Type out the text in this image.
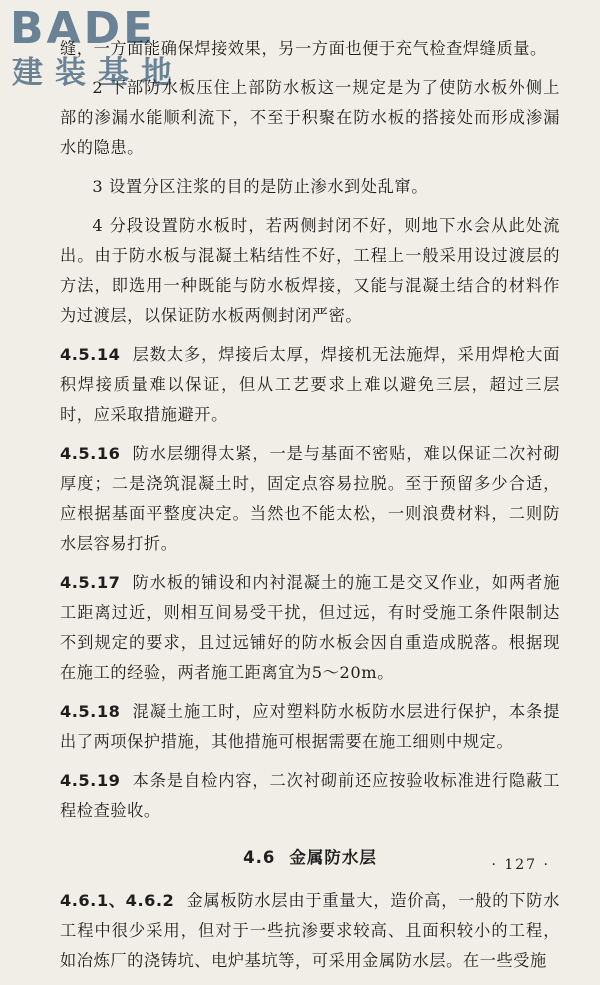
BADE
建装基地

缝，一方面能确保焊接效果，另一方面也便于充气检查焊缝质量。

2 下部防水板压住上部防水板这一规定是为了使防水板外侧上部的渗漏水能顺利流下，不至于积聚在防水板的搭接处而形成渗漏水的隐患。

3 设置分区注浆的目的是防止渗水到处乱窜。

4 分段设置防水板时，若两侧封闭不好，则地下水会从此处流出。由于防水板与混凝土粘结性不好，工程上一般采用设过渡层的方法，即选用一种既能与防水板焊接，又能与混凝土结合的材料作为过渡层，以保证防水板两侧封闭严密。

4.5.14 层数太多，焊接后太厚，焊接机无法施焊，采用焊枪大面积焊接质量难以保证，但从工艺要求上难以避免三层，超过三层时，应采取措施避开。

4.5.16 防水层绷得太紧，一是与基面不密贴，难以保证二次衬砌厚度；二是浇筑混凝土时，固定点容易拉脱。至于预留多少合适，应根据基面平整度决定。当然也不能太松，一则浪费材料，二则防水层容易打折。

4.5.17 防水板的铺设和内衬混凝土的施工是交叉作业，如两者施工距离过近，则相互间易受干扰，但过远，有时受施工条件限制达不到规定的要求，且过远铺好的防水板会因自重造成脱落。根据现在施工的经验，两者施工距离宜为5～20m。

4.5.18 混凝土施工时，应对塑料防水板防水层进行保护，本条提出了两项保护措施，其他措施可根据需要在施工细则中规定。

4.5.19 本条是自检内容，二次衬砌前还应按验收标准进行隐蔽工程检查验收。

4.6 金属防水层

4.6.1、4.6.2 金属板防水层由于重量大，造价高，一般的下防水工程中很少采用，但对于一些抗渗要求较高、且面积较小的工程，如冶炼厂的浇铸坑、电炉基坑等，可采用金属防水层。在一些受施

· 127 ·
